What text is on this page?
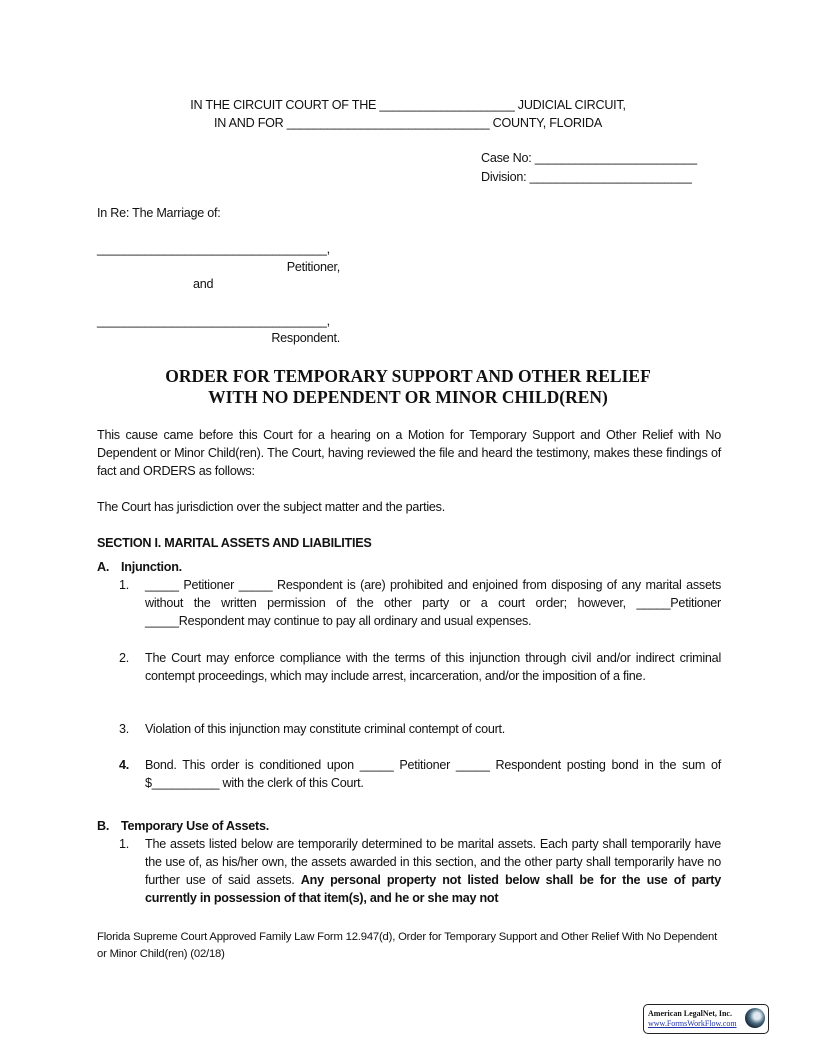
IN THE CIRCUIT COURT OF THE ____________________ JUDICIAL CIRCUIT,
IN AND FOR ______________________________ COUNTY, FLORIDA
Case No: ________________________
Division: ________________________
In Re: The Marriage of:
__________________________________,
Petitioner,
and
__________________________________,
Respondent.
ORDER FOR TEMPORARY SUPPORT AND OTHER RELIEF
WITH NO DEPENDENT OR MINOR CHILD(REN)
This cause came before this Court for a hearing on a Motion for Temporary Support and Other Relief with No Dependent or Minor Child(ren). The Court, having reviewed the file and heard the testimony, makes these findings of fact and ORDERS as follows:
The Court has jurisdiction over the subject matter and the parties.
SECTION I. MARITAL ASSETS AND LIABILITIES
A. Injunction.
1. _____ Petitioner _____ Respondent is (are) prohibited and enjoined from disposing of any marital assets without the written permission of the other party or a court order; however, _____Petitioner _____Respondent may continue to pay all ordinary and usual expenses.
2. The Court may enforce compliance with the terms of this injunction through civil and/or indirect criminal contempt proceedings, which may include arrest, incarceration, and/or the imposition of a fine.
3. Violation of this injunction may constitute criminal contempt of court.
4. Bond. This order is conditioned upon _____ Petitioner _____ Respondent posting bond in the sum of $__________ with the clerk of this Court.
B. Temporary Use of Assets.
1. The assets listed below are temporarily determined to be marital assets. Each party shall temporarily have the use of, as his/her own, the assets awarded in this section, and the other party shall temporarily have no further use of said assets. Any personal property not listed below shall be for the use of party currently in possession of that item(s), and he or she may not
Florida Supreme Court Approved Family Law Form 12.947(d), Order for Temporary Support and Other Relief With No Dependent or Minor Child(ren) (02/18)
American LegalNet, Inc.
www.FormsWorkFlow.com
